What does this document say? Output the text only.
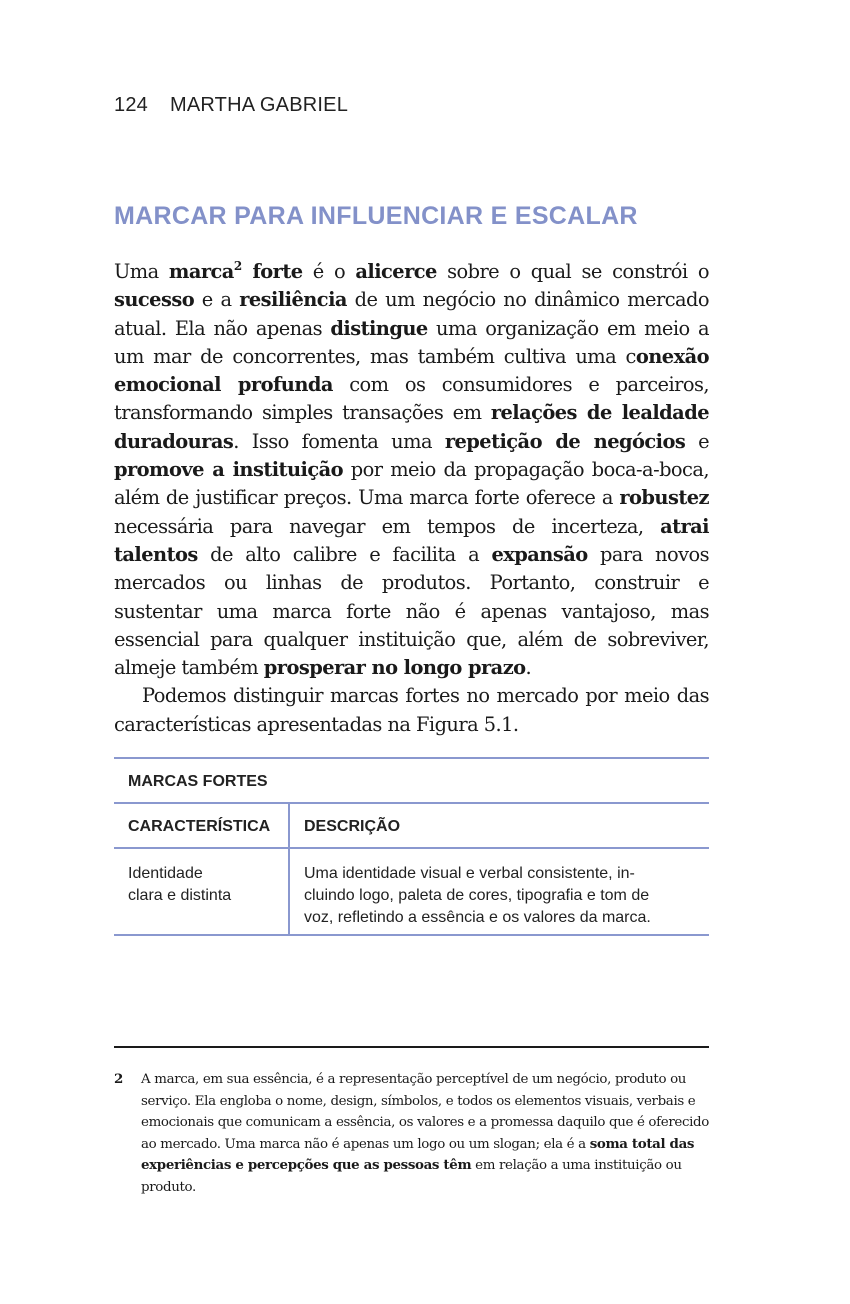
124 MARTHA GABRIEL
MARCAR PARA INFLUENCIAR E ESCALAR

Uma marca$^2$ forte é o alicerce sobre o qual se constrói o sucesso e a resiliência de um negócio no dinâmico mercado atual. Ela não apenas distingue uma organização em meio a um mar de concorrentes, mas também cultiva uma conexão emocional profunda com os consumidores e parceiros, transformando simples transações em relações de lealdade duradouras. Isso fomenta uma repetição de negócios e promove a instituição por meio da propagação boca-a-boca, além de justificar preços. Uma marca forte oferece a robustez necessária para navegar em tempos de incerteza, atrai talentos de alto calibre e facilita a expansão para novos mercados ou linhas de produtos. Portanto, construir e sustentar uma marca forte não é apenas vantajoso, mas essencial para qualquer instituição que, além de sobreviver, almeje também prosperar no longo prazo.

Podemos distinguir marcas fortes no mercado por meio das características apresentadas na Figura 5.1.

MARCAS FORTES
CARACTERÍSTICA	DESCRIÇÃO
Identidade
clara e distinta
Uma identidade visual e verbal consistente, in-
cluindo logo, paleta de cores, tipografia e tom de
voz, refletindo a essência e os valores da marca.
2	A marca, em sua essência, é a representação perceptível de um negócio, produto ou serviço. Ela engloba o nome, design, símbolos, e todos os elementos visuais, verbais e emocionais que comunicam a essência, os valores e a promessa daquilo que é oferecido ao mercado. Uma marca não é apenas um logo ou um slogan; ela é a soma total das experiências e percepções que as pessoas têm em relação a uma instituição ou produto.
